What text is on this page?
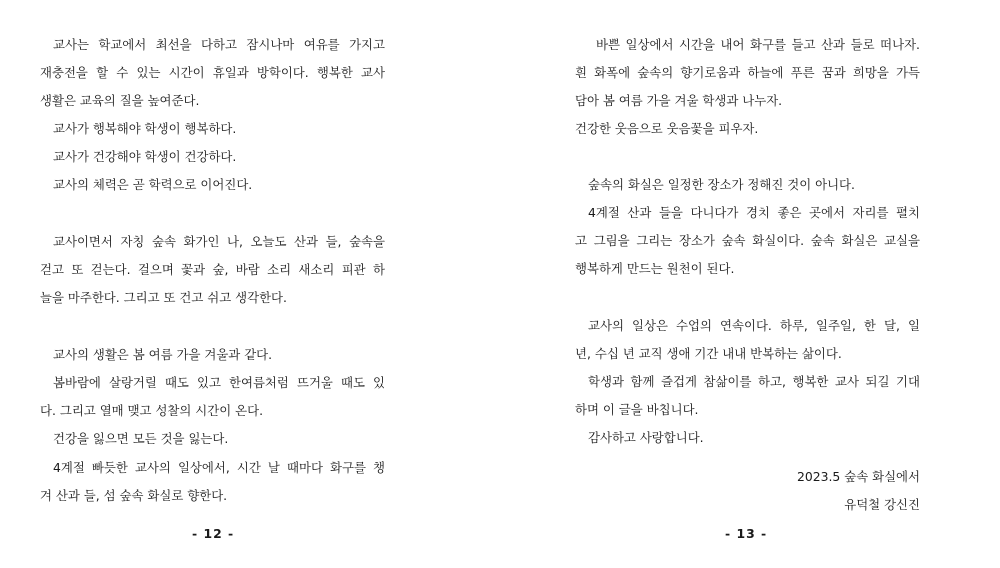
교사는 학교에서 최선을 다하고 잠시나마 여유를 가지고
재충전을 할 수 있는 시간이 휴일과 방학이다. 행복한 교사
생활은 교육의 질을 높여준다.
교사가 행복해야 학생이 행복하다.
교사가 건강해야 학생이 건강하다.
교사의 체력은 곧 학력으로 이어진다.
교사이면서 자칭 숲속 화가인 나, 오늘도 산과 들, 숲속을
걷고 또 걷는다. 걸으며 꽃과 숲, 바람 소리 새소리 피관 하
늘을 마주한다. 그리고 또 건고 쉬고 생각한다.
교사의 생활은 봄 여름 가을 겨울과 같다.
봄바람에 살랑거릴 때도 있고 한여름처럼 뜨거울 때도 있
다. 그리고 열매 맺고 성찰의 시간이 온다.
건강을 잃으면 모든 것을 잃는다.
4계절 빠듯한 교사의 일상에서, 시간 날 때마다 화구를 챙
겨 산과 들, 섬 숲속 화실로 향한다.
- 12 -
바쁜 일상에서 시간을 내어 화구를 들고 산과 들로 떠나자.
흰 화폭에 숲속의 향기로움과 하늘에 푸른 꿈과 희망을 가득
담아 봄 여름 가을 겨울 학생과 나누자.
건강한 웃음으로 웃음꽃을 피우자.
숲속의 화실은 일정한 장소가 정해진 것이 아니다.
4계절 산과 들을 다니다가 경치 좋은 곳에서 자리를 펼치
고 그림을 그리는 장소가 숲속 화실이다. 숲속 화실은 교실을
행복하게 만드는 원천이 된다.
교사의 일상은 수업의 연속이다. 하루, 일주일, 한 달, 일
년, 수십 년 교직 생애 기간 내내 반복하는 삶이다.
학생과 함께 즐겁게 참삶이를 하고, 행복한 교사 되길 기대
하며 이 글을 바칩니다.
감사하고 사랑합니다.
2023.5 숲속 화실에서
유덕철 강신진
- 13 -
